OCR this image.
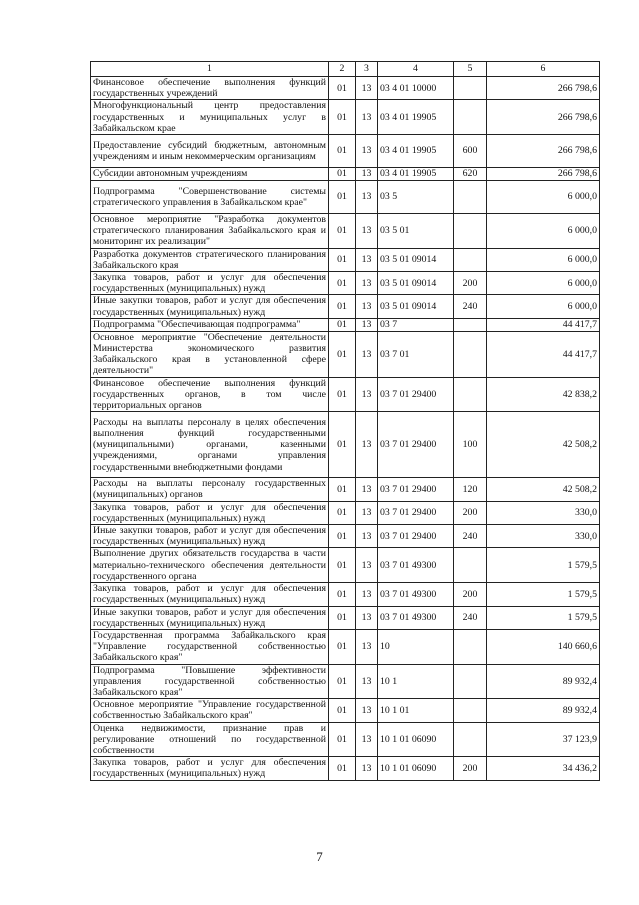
1	2	3	4	5	6
Финансовое обеспечение выполнения функций государственных учреждений	01	13	03 4 01 10000		266 798,6
Многофункциональный центр предоставления государственных и муниципальных услуг в Забайкальском крае	01	13	03 4 01 19905		266 798,6
Предоставление субсидий бюджетным, автономным учреждениям и иным некоммерческим организациям	01	13	03 4 01 19905	600	266 798,6
Субсидии автономным учреждениям	01	13	03 4 01 19905	620	266 798,6
Подпрограмма "Совершенствование системы стратегического управления в Забайкальском крае"	01	13	03 5		6 000,0
Основное мероприятие "Разработка документов стратегического планирования Забайкальского края и мониторинг их реализации"	01	13	03 5 01		6 000,0
Разработка документов стратегического планирования Забайкальского края	01	13	03 5 01 09014		6 000,0
Закупка товаров, работ и услуг для обеспечения государственных (муниципальных) нужд	01	13	03 5 01 09014	200	6 000,0
Иные закупки товаров, работ и услуг для обеспечения государственных (муниципальных) нужд	01	13	03 5 01 09014	240	6 000,0
Подпрограмма "Обеспечивающая подпрограмма"	01	13	03 7		44 417,7
Основное мероприятие "Обеспечение деятельности Министерства экономического развития Забайкальского края в установленной сфере деятельности"	01	13	03 7 01		44 417,7
Финансовое обеспечение выполнения функций государственных органов, в том числе территориальных органов	01	13	03 7 01 29400		42 838,2
Расходы на выплаты персоналу в целях обеспечения выполнения функций государственными (муниципальными) органами, казенными учреждениями, органами управления государственными внебюджетными фондами	01	13	03 7 01 29400	100	42 508,2
Расходы на выплаты персоналу государственных (муниципальных) органов	01	13	03 7 01 29400	120	42 508,2
Закупка товаров, работ и услуг для обеспечения государственных (муниципальных) нужд	01	13	03 7 01 29400	200	330,0
Иные закупки товаров, работ и услуг для обеспечения государственных (муниципальных) нужд	01	13	03 7 01 29400	240	330,0
Выполнение других обязательств государства в части материально-технического обеспечения деятельности государственного органа	01	13	03 7 01 49300		1 579,5
Закупка товаров, работ и услуг для обеспечения государственных (муниципальных) нужд	01	13	03 7 01 49300	200	1 579,5
Иные закупки товаров, работ и услуг для обеспечения государственных (муниципальных) нужд	01	13	03 7 01 49300	240	1 579,5
Государственная программа Забайкальского края "Управление государственной собственностью Забайкальского края"	01	13	10		140 660,6
Подпрограмма "Повышение эффективности управления государственной собственностью Забайкальского края"	01	13	10 1		89 932,4
Основное мероприятие "Управление государственной собственностью Забайкальского края"	01	13	10 1 01		89 932,4
Оценка недвижимости, признание прав и регулирование отношений по государственной собственности	01	13	10 1 01 06090		37 123,9
Закупка товаров, работ и услуг для обеспечения государственных (муниципальных) нужд	01	13	10 1 01 06090	200	34 436,2
7
